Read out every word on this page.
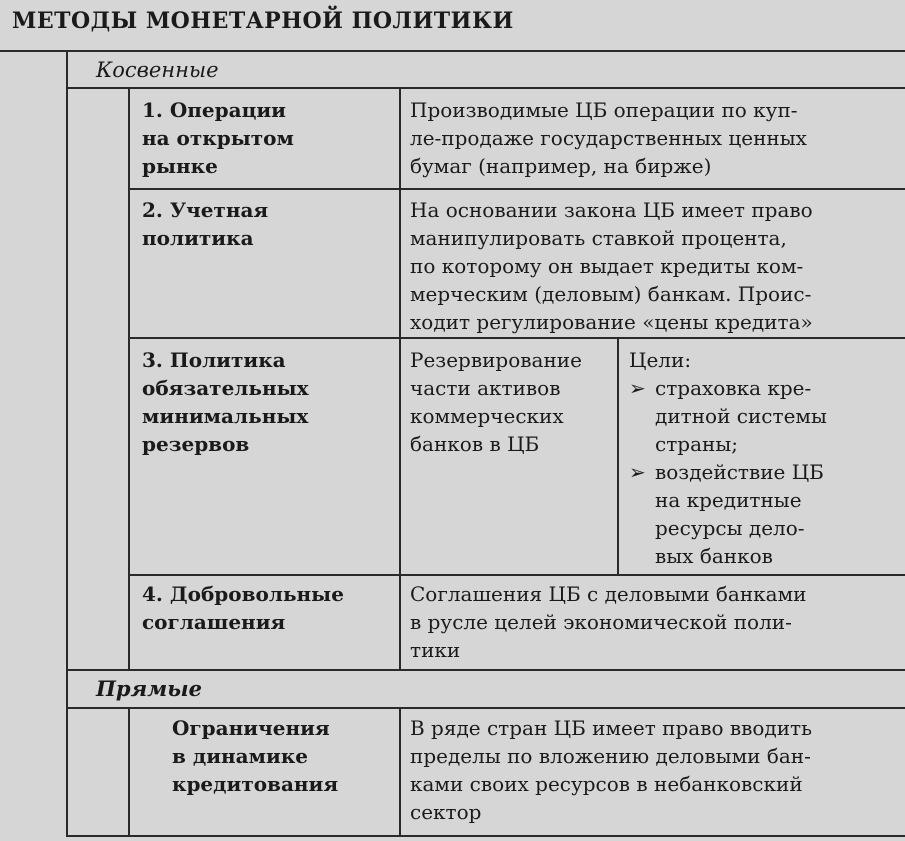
МЕТОДЫ МОНЕТАРНОЙ ПОЛИТИКИ
Косвенные
Прямые
1. Операции
на открытом
рынке
Производимые ЦБ операции по куп-
ле-продаже государственных ценных
бумаг (например, на бирже)
2. Учетная
политика
На основании закона ЦБ имеет право
манипулировать ставкой процента,
по которому он выдает кредиты ком-
мерческим (деловым) банкам. Проис-
ходит регулирование «цены кредита»
3. Политика
обязательных
минимальных
резервов
Резервирование
части активов
коммерческих
банков в ЦБ
Цели:
➢ страховка кре-
дитной системы
страны;
➢ воздействие ЦБ
на кредитные
ресурсы дело-
вых банков
4. Добровольные
соглашения
Соглашения ЦБ с деловыми банками
в русле целей экономической поли-
тики
Ограничения
в динамике
кредитования
В ряде стран ЦБ имеет право вводить
пределы по вложению деловыми бан-
ками своих ресурсов в небанковский
сектор
